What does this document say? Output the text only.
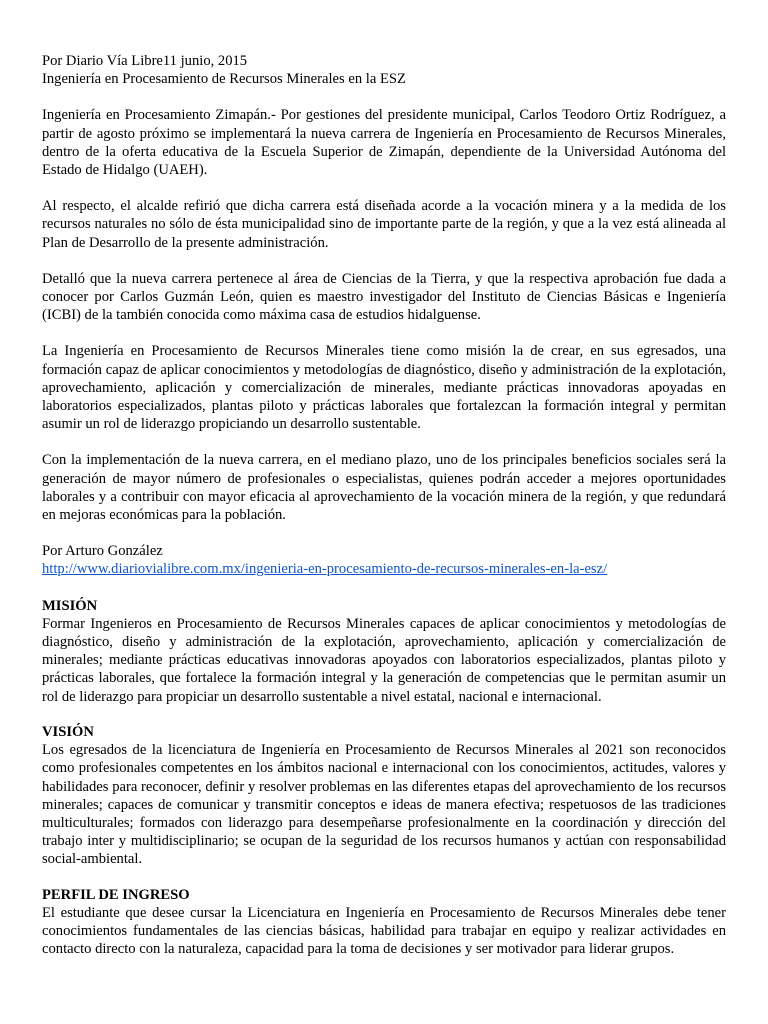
Por Diario Vía Libre11 junio, 2015
Ingeniería en Procesamiento de Recursos Minerales en la ESZ

Ingeniería en Procesamiento Zimapán.- Por gestiones del presidente municipal, Carlos Teodoro Ortiz Rodríguez, a partir de agosto próximo se implementará la nueva carrera de Ingeniería en Procesamiento de Recursos Minerales, dentro de la oferta educativa de la Escuela Superior de Zimapán, dependiente de la Universidad Autónoma del Estado de Hidalgo (UAEH).

Al respecto, el alcalde refirió que dicha carrera está diseñada acorde a la vocación minera y a la medida de los recursos naturales no sólo de ésta municipalidad sino de importante parte de la región, y que a la vez está alineada al Plan de Desarrollo de la presente administración.

Detalló que la nueva carrera pertenece al área de Ciencias de la Tierra, y que la respectiva aprobación fue dada a conocer por Carlos Guzmán León, quien es maestro investigador del Instituto de Ciencias Básicas e Ingeniería (ICBI) de la también conocida como máxima casa de estudios hidalguense.

La Ingeniería en Procesamiento de Recursos Minerales tiene como misión la de crear, en sus egresados, una formación capaz de aplicar conocimientos y metodologías de diagnóstico, diseño y administración de la explotación, aprovechamiento, aplicación y comercialización de minerales, mediante prácticas innovadoras apoyadas en laboratorios especializados, plantas piloto y prácticas laborales que fortalezcan la formación integral y permitan asumir un rol de liderazgo propiciando un desarrollo sustentable.

Con la implementación de la nueva carrera, en el mediano plazo, uno de los principales beneficios sociales será la generación de mayor número de profesionales o especialistas, quienes podrán acceder a mejores oportunidades laborales y a contribuir con mayor eficacia al aprovechamiento de la vocación minera de la región, y que redundará en mejoras económicas para la población.

Por Arturo González
http://www.diariovialibre.com.mx/ingenieria-en-procesamiento-de-recursos-minerales-en-la-esz/
MISIÓN

Formar Ingenieros en Procesamiento de Recursos Minerales capaces de aplicar conocimientos y metodologías de diagnóstico, diseño y administración de la explotación, aprovechamiento, aplicación y comercialización de minerales; mediante prácticas educativas innovadoras apoyados con laboratorios especializados, plantas piloto y prácticas laborales, que fortalece la formación integral y la generación de competencias que le permitan asumir un rol de liderazgo para propiciar un desarrollo sustentable a nivel estatal, nacional e internacional.

VISIÓN

Los egresados de la licenciatura de Ingeniería en Procesamiento de Recursos Minerales al 2021 son reconocidos como profesionales competentes en los ámbitos nacional e internacional con los conocimientos, actitudes, valores y habilidades para reconocer, definir y resolver problemas en las diferentes etapas del aprovechamiento de los recursos minerales; capaces de comunicar y transmitir conceptos e ideas de manera efectiva; respetuosos de las tradiciones multiculturales; formados con liderazgo para desempeñarse profesionalmente en la coordinación y dirección del trabajo inter y multidisciplinario; se ocupan de la seguridad de los recursos humanos y actúan con responsabilidad social-ambiental.

PERFIL DE INGRESO

El estudiante que desee cursar la Licenciatura en Ingeniería en Procesamiento de Recursos Minerales debe tener conocimientos fundamentales de las ciencias básicas, habilidad para trabajar en equipo y realizar actividades en contacto directo con la naturaleza, capacidad para la toma de decisiones y ser motivador para liderar grupos.
